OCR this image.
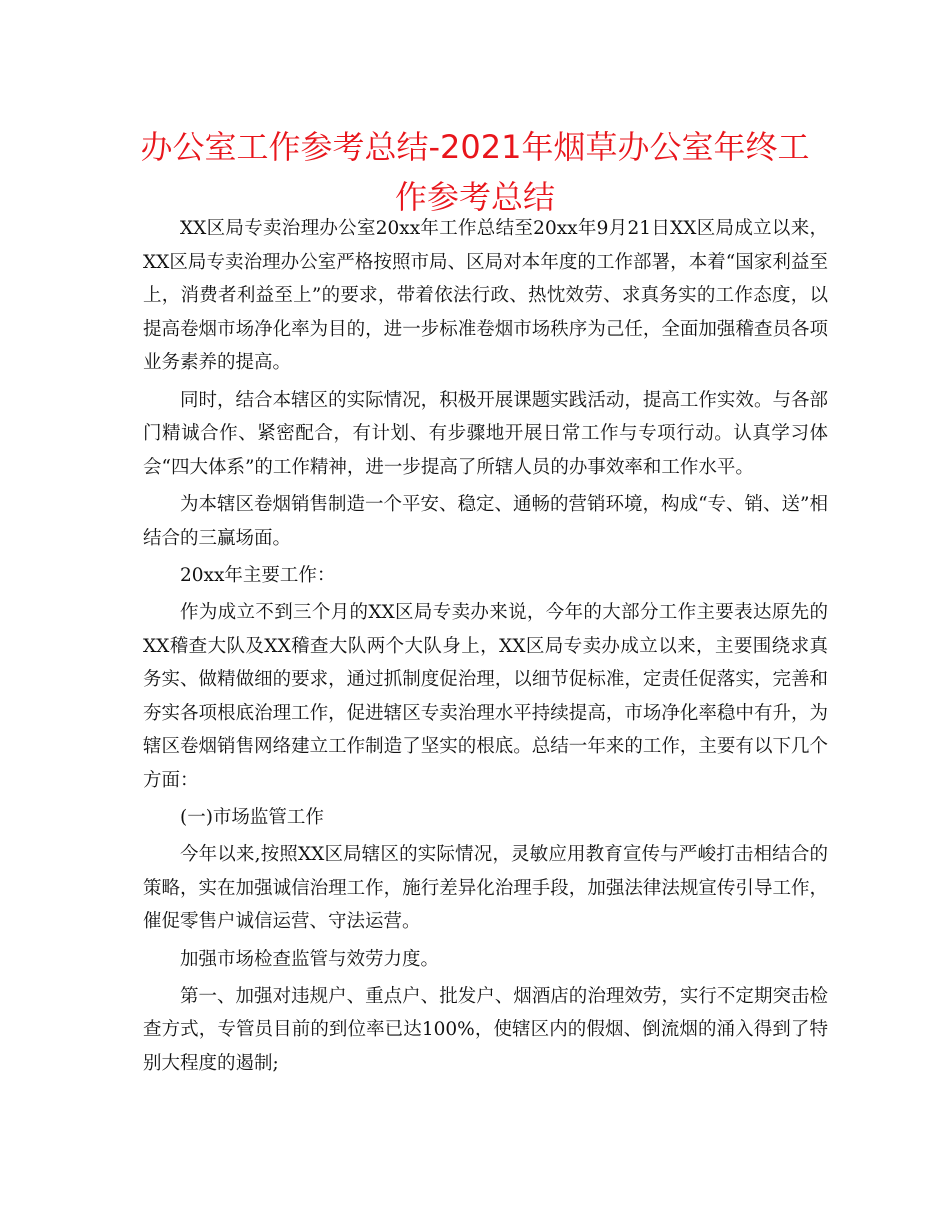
办公室工作参考总结-2021年烟草办公室年终工作参考总结

XX区局专卖治理办公室20xx年工作总结至20xx年9月21日XX区局成立以来，XX区局专卖治理办公室严格按照市局、区局对本年度的工作部署，本着“国家利益至上，消费者利益至上”的要求，带着依法行政、热忱效劳、求真务实的工作态度，以提高卷烟市场净化率为目的，进一步标准卷烟市场秩序为己任，全面加强稽查员各项业务素养的提高。

同时，结合本辖区的实际情况，积极开展课题实践活动，提高工作实效。与各部门精诚合作、紧密配合，有计划、有步骤地开展日常工作与专项行动。认真学习体会“四大体系”的工作精神，进一步提高了所辖人员的办事效率和工作水平。

为本辖区卷烟销售制造一个平安、稳定、通畅的营销环境，构成“专、销、送”相结合的三赢场面。

20xx年主要工作：

作为成立不到三个月的XX区局专卖办来说，今年的大部分工作主要表达原先的XX稽查大队及XX稽查大队两个大队身上，XX区局专卖办成立以来，主要围绕求真务实、做精做细的要求，通过抓制度促治理，以细节促标准，定责任促落实，完善和夯实各项根底治理工作，促进辖区专卖治理水平持续提高，市场净化率稳中有升，为辖区卷烟销售网络建立工作制造了坚实的根底。总结一年来的工作，主要有以下几个方面：

(一)市场监管工作

今年以来,按照XX区局辖区的实际情况，灵敏应用教育宣传与严峻打击相结合的策略，实在加强诚信治理工作，施行差异化治理手段，加强法律法规宣传引导工作，催促零售户诚信运营、守法运营。

加强市场检查监管与效劳力度。

第一、加强对违规户、重点户、批发户、烟酒店的治理效劳，实行不定期突击检查方式，专管员目前的到位率已达100%，使辖区内的假烟、倒流烟的涌入得到了特别大程度的遏制;
